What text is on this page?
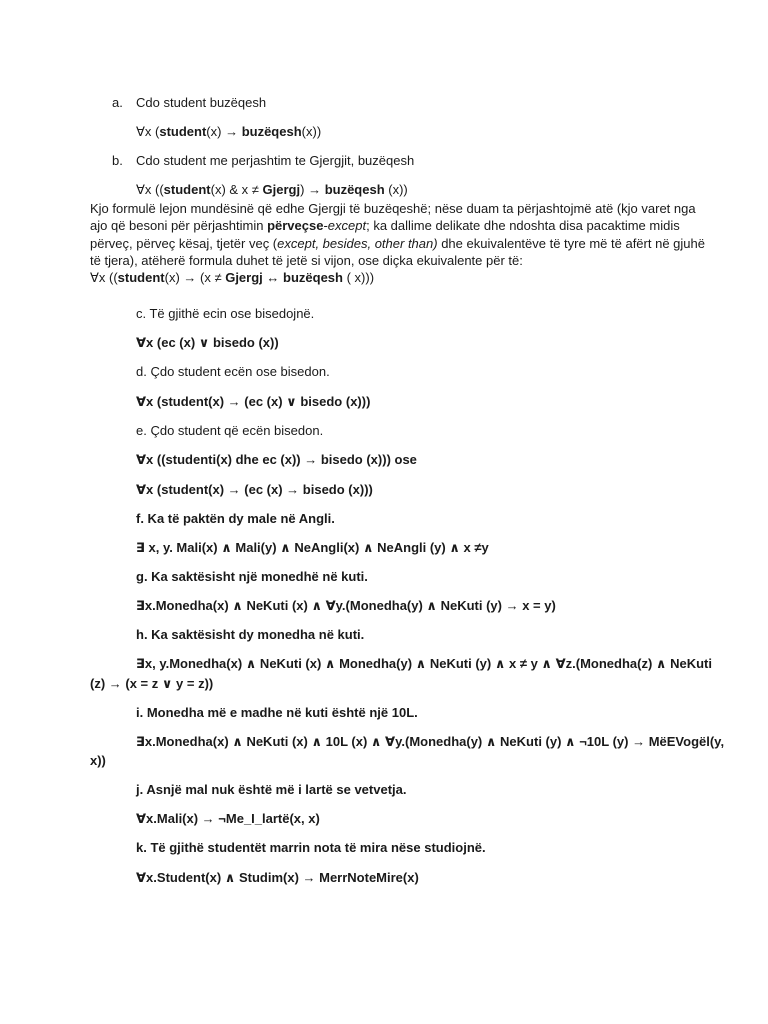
a. Cdo student buzëqesh
∀x (student(x) → buzëqesh(x))
b. Cdo student me perjashtim te Gjergjit, buzëqesh
∀x ((student(x) & x ≠ Gjergj) → buzëqesh (x))

Kjo formulë lejon mundësinë që edhe Gjergji të buzëqeshë; nëse duam ta përjashtojmë atë (kjo varet nga

ajo që besoni për përjashtimin përveçse-except; ka dallime delikate dhe ndoshta disa pacaktime midis

përveç, përveç kësaj, tjetër veç (except, besides, other than) dhe ekuivalentëve të tyre më të afërt në gjuhë

të tjera), atëherë formula duhet të jetë si vijon, ose diçka ekuivalente për të:

∀x ((student(x) → (x ≠ Gjergj ↔ buzëqesh ( x)))

c. Të gjithë ecin ose bisedojnë.
∀x (ec (x) ∨ bisedo (x))
d. Çdo student ecën ose bisedon.
∀x (student(x) → (ec (x) ∨ bisedo (x)))
e. Çdo student që ecën bisedon.
∀x ((studenti(x) dhe ec (x)) → bisedo (x))) ose
∀x (student(x) → (ec (x) → bisedo (x)))
f. Ka të paktën dy male në Angli.
∃ x, y. Mali(x) ∧ Mali(y) ∧ NeAngli(x) ∧ NeAngli (y) ∧ x ≠y
g. Ka saktësisht një monedhë në kuti.
∃x.Monedha(x) ∧ NeKuti (x) ∧ ∀y.(Monedha(y) ∧ NeKuti (y) → x = y)
h. Ka saktësisht dy monedha në kuti.
∃x, y.Monedha(x) ∧ NeKuti (x) ∧ Monedha(y) ∧ NeKuti (y) ∧ x ≠ y ∧ ∀z.(Monedha(z) ∧ NeKuti
(z) → (x = z ∨ y = z))
i. Monedha më e madhe në kuti është një 10L.
∃x.Monedha(x) ∧ NeKuti (x) ∧ 10L (x) ∧ ∀y.(Monedha(y) ∧ NeKuti (y) ∧ ¬10L (y) → MëEVogël(y,
x))
j. Asnjë mal nuk është më i lartë se vetvetja.
∀x.Mali(x) → ¬Me_I_lartë(x, x)
k. Të gjithë studentët marrin nota të mira nëse studiojnë.
∀x.Student(x) ∧ Studim(x) → MerrNoteMire(x)
